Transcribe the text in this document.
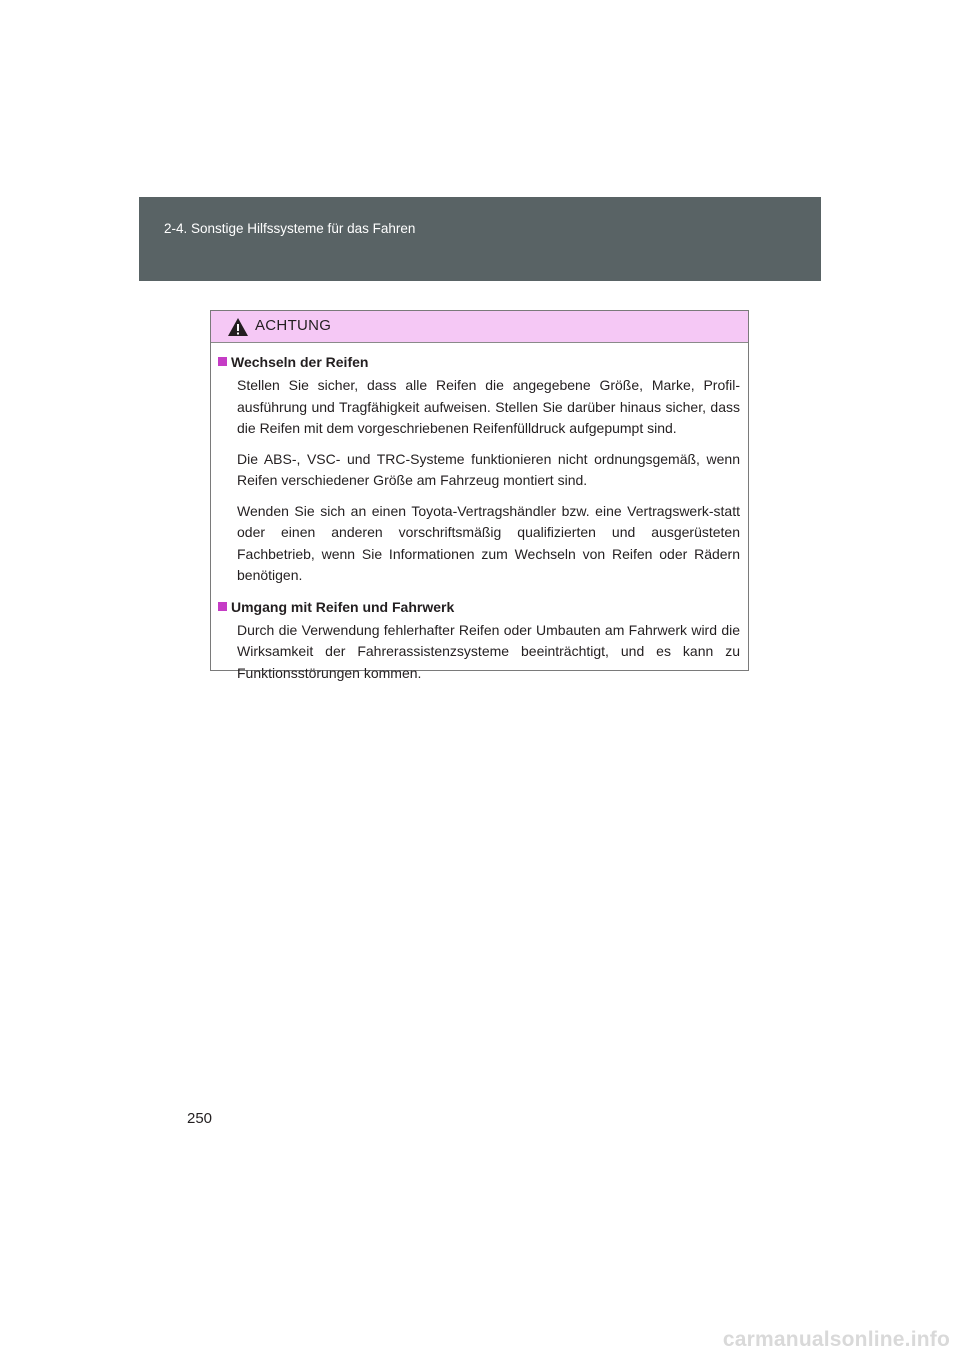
2-4. Sonstige Hilfssysteme für das Fahren
ACHTUNG
Wechseln der Reifen

Stellen Sie sicher, dass alle Reifen die angegebene Größe, Marke, Profil-ausführung und Tragfähigkeit aufweisen. Stellen Sie darüber hinaus sicher, dass die Reifen mit dem vorgeschriebenen Reifenfülldruck aufgepumpt sind.

Die ABS-, VSC- und TRC-Systeme funktionieren nicht ordnungsgemäß, wenn Reifen verschiedener Größe am Fahrzeug montiert sind.

Wenden Sie sich an einen Toyota-Vertragshändler bzw. eine Vertragswerk-statt oder einen anderen vorschriftsmäßig qualifizierten und ausgerüsteten Fachbetrieb, wenn Sie Informationen zum Wechseln von Reifen oder Rädern benötigen.

Umgang mit Reifen und Fahrwerk

Durch die Verwendung fehlerhafter Reifen oder Umbauten am Fahrwerk wird die Wirksamkeit der Fahrerassistenzsysteme beeinträchtigt, und es kann zu Funktionsstörungen kommen.

250
carmanualsonline.info
